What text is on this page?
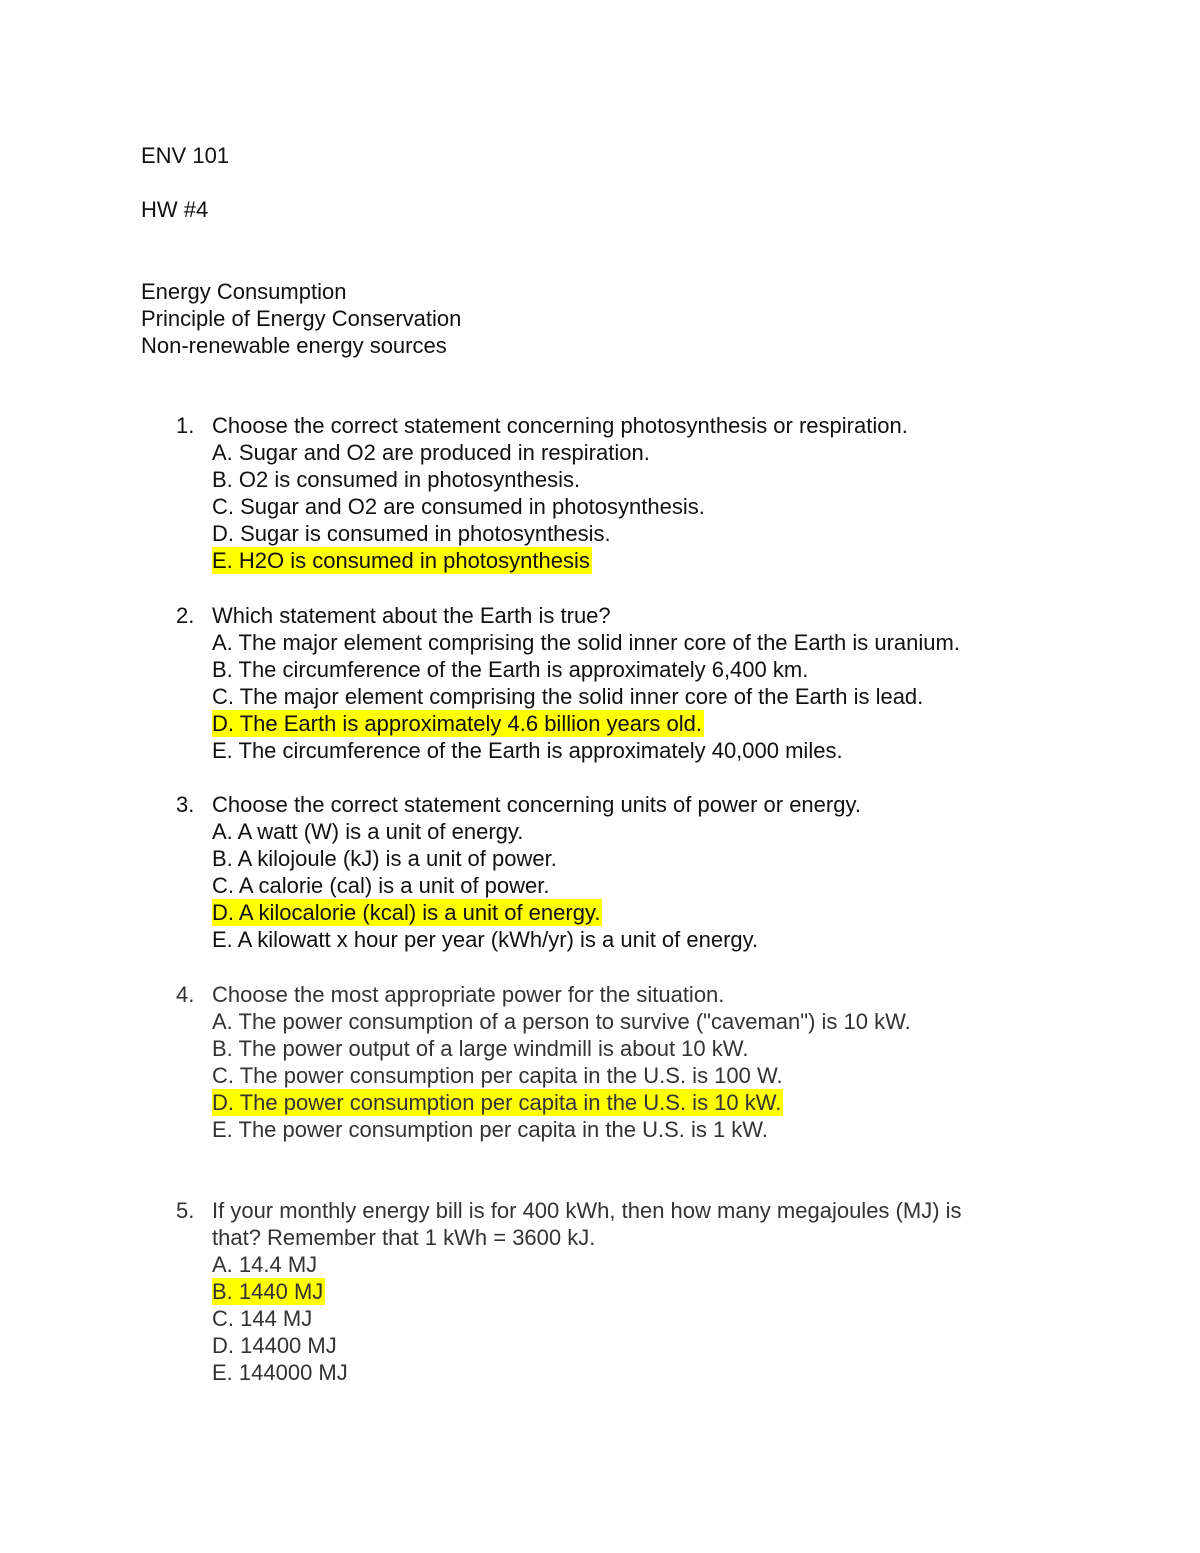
ENV 101
HW #4
Energy Consumption
Principle of Energy Conservation
Non-renewable energy sources
1. Choose the correct statement concerning photosynthesis or respiration.
A. Sugar and O2 are produced in respiration.
B. O2 is consumed in photosynthesis.
C. Sugar and O2 are consumed in photosynthesis.
D. Sugar is consumed in photosynthesis.
E. H2O is consumed in photosynthesis
2. Which statement about the Earth is true?
A. The major element comprising the solid inner core of the Earth is uranium.
B. The circumference of the Earth is approximately 6,400 km.
C. The major element comprising the solid inner core of the Earth is lead.
D. The Earth is approximately 4.6 billion years old.
E. The circumference of the Earth is approximately 40,000 miles.
3. Choose the correct statement concerning units of power or energy.
A. A watt (W) is a unit of energy.
B. A kilojoule (kJ) is a unit of power.
C. A calorie (cal) is a unit of power.
D. A kilocalorie (kcal) is a unit of energy.
E. A kilowatt x hour per year (kWh/yr) is a unit of energy.
4. Choose the most appropriate power for the situation.
A. The power consumption of a person to survive ("caveman") is 10 kW.
B. The power output of a large windmill is about 10 kW.
C. The power consumption per capita in the U.S. is 100 W.
D. The power consumption per capita in the U.S. is 10 kW.
E. The power consumption per capita in the U.S. is 1 kW.
5. If your monthly energy bill is for 400 kWh, then how many megajoules (MJ) is
that? Remember that 1 kWh = 3600 kJ.
A. 14.4 MJ
B. 1440 MJ
C. 144 MJ
D. 14400 MJ
E. 144000 MJ
